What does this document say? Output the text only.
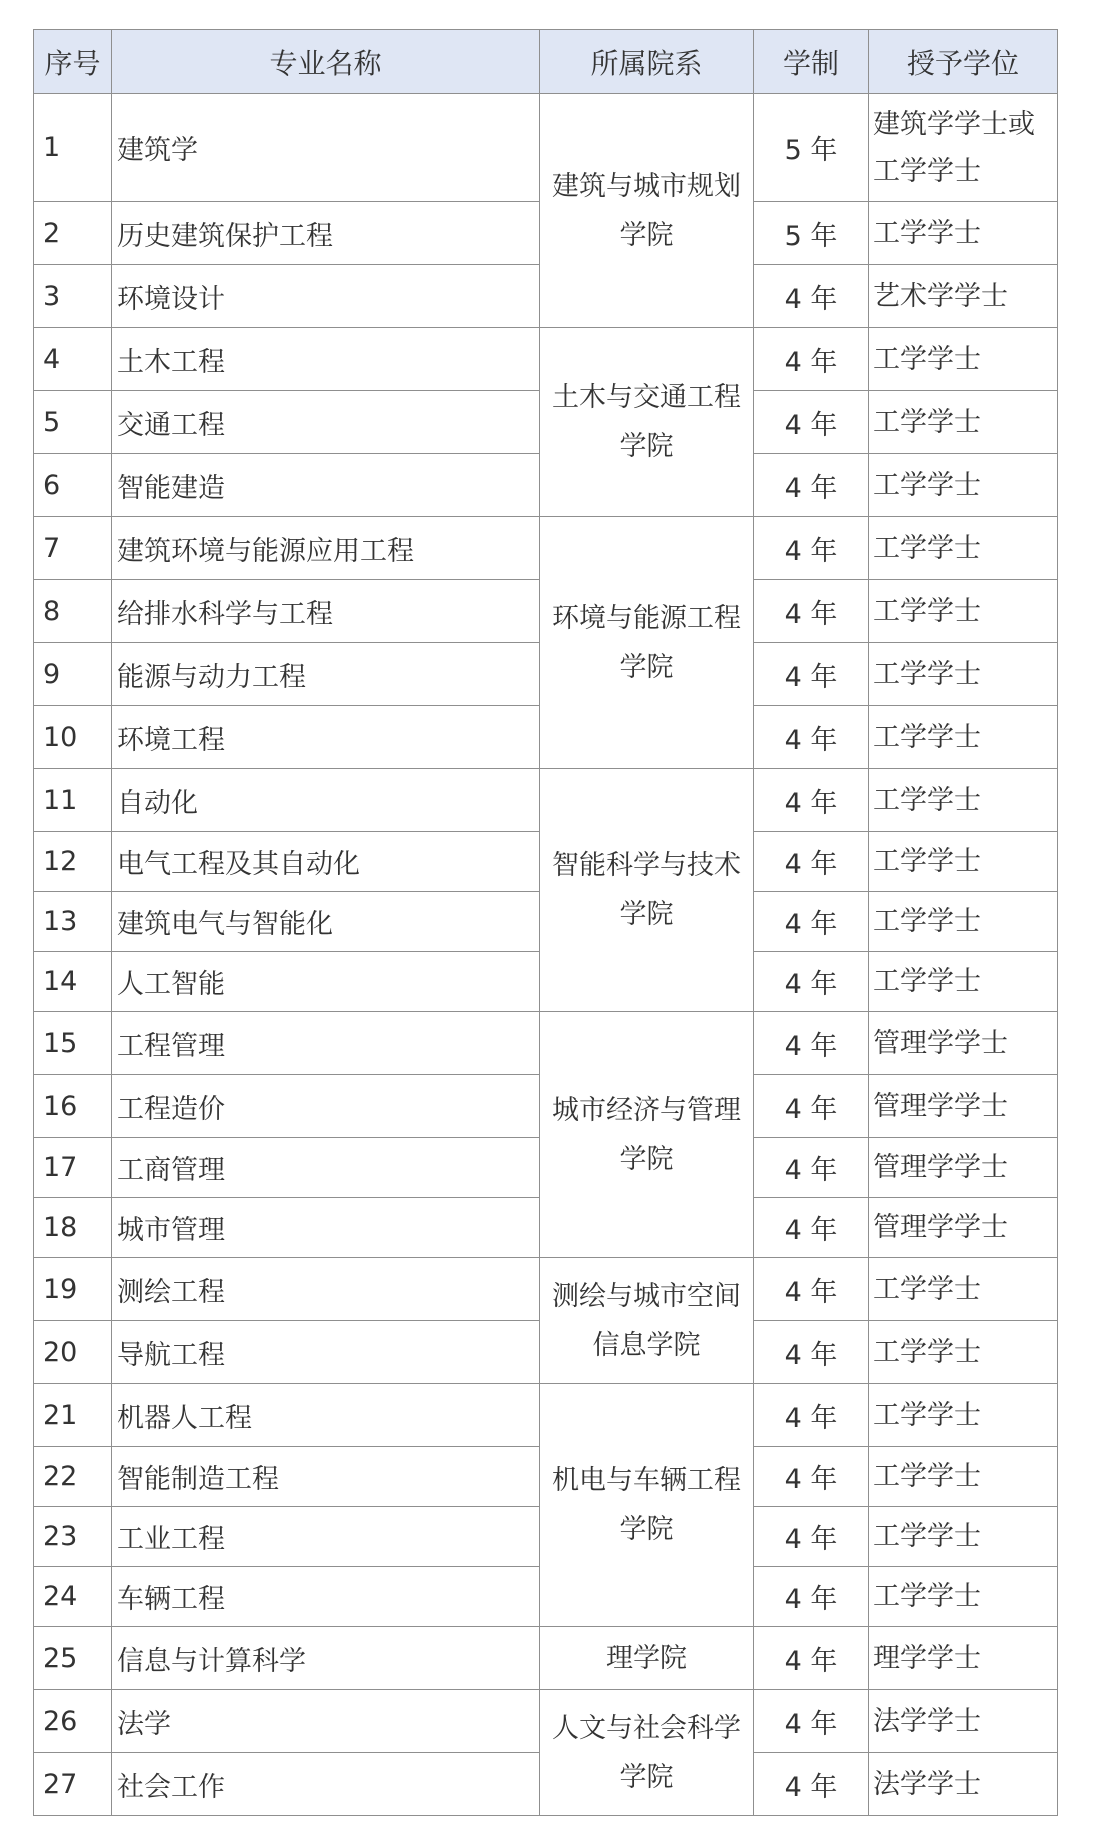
序号	专业名称	所属院系	学制	授予学位
1	建筑学	建筑与城市规划学院	5 年	建筑学学士或工学学士
2	历史建筑保护工程		5 年	工学学士
3	环境设计		4 年	艺术学学士
4	土木工程	土木与交通工程学院	4 年	工学学士
5	交通工程		4 年	工学学士
6	智能建造		4 年	工学学士
7	建筑环境与能源应用工程	环境与能源工程学院	4 年	工学学士
8	给排水科学与工程		4 年	工学学士
9	能源与动力工程		4 年	工学学士
10	环境工程		4 年	工学学士
11	自动化	智能科学与技术学院	4 年	工学学士
12	电气工程及其自动化		4 年	工学学士
13	建筑电气与智能化		4 年	工学学士
14	人工智能		4 年	工学学士
15	工程管理	城市经济与管理学院	4 年	管理学学士
16	工程造价		4 年	管理学学士
17	工商管理		4 年	管理学学士
18	城市管理		4 年	管理学学士
19	测绘工程	测绘与城市空间信息学院	4 年	工学学士
20	导航工程		4 年	工学学士
21	机器人工程	机电与车辆工程学院	4 年	工学学士
22	智能制造工程		4 年	工学学士
23	工业工程		4 年	工学学士
24	车辆工程		4 年	工学学士
25	信息与计算科学	理学院	4 年	理学学士
26	法学	人文与社会科学学院	4 年	法学学士
27	社会工作		4 年	法学学士
